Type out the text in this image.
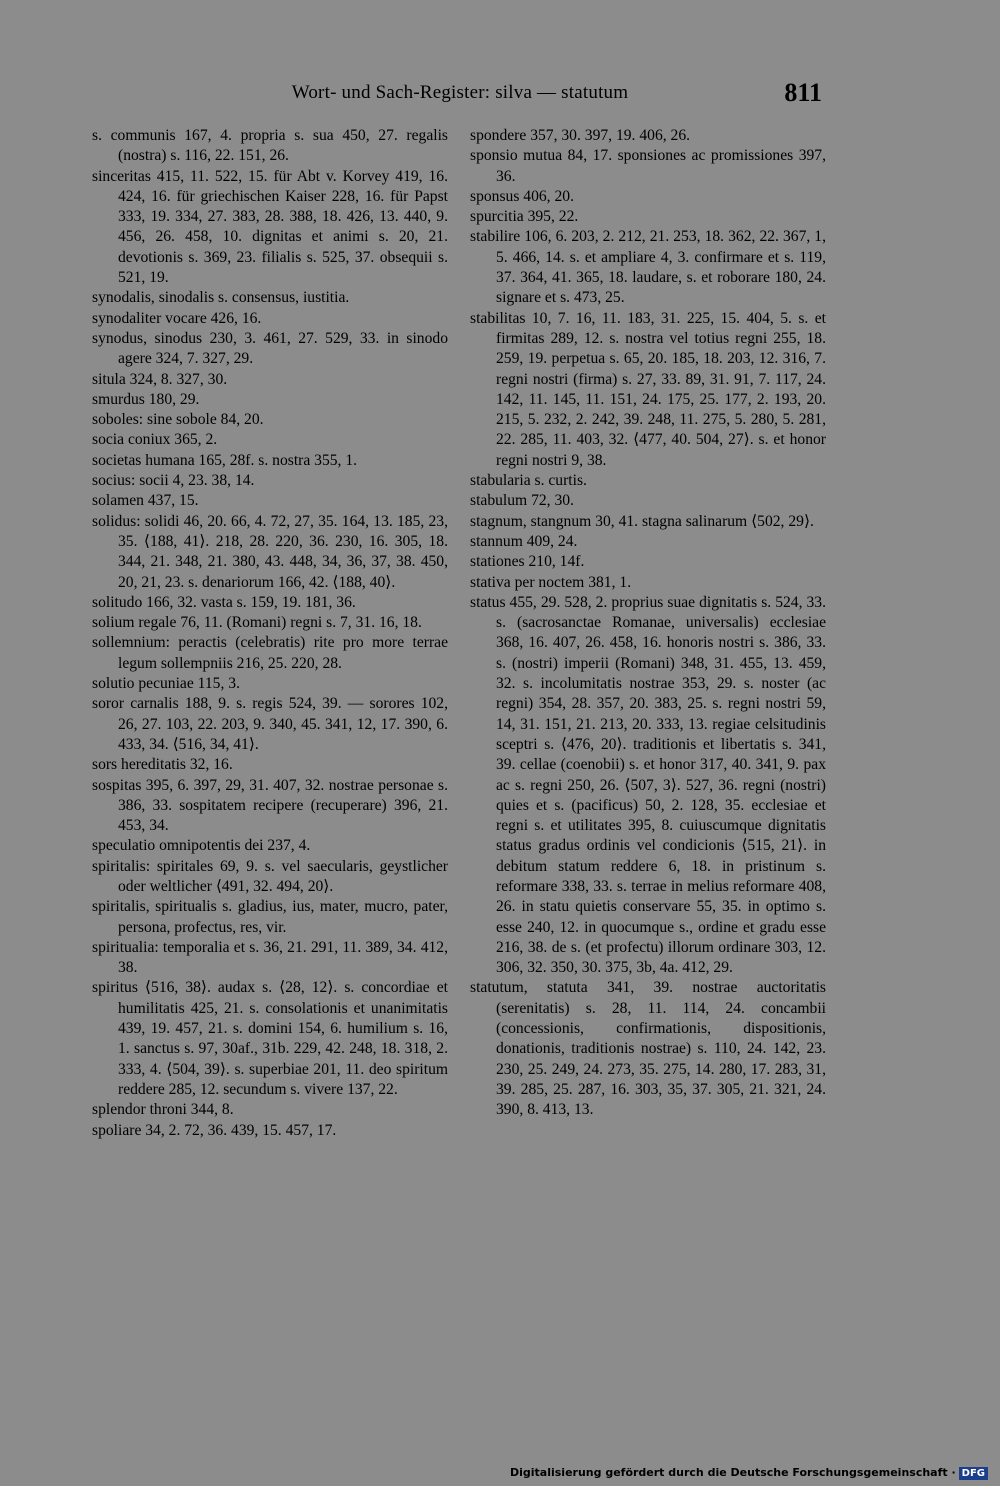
Wort- und Sach-Register: silva — statutum	811

s. communis 167, 4. propria s. sua 450, 27. regalis (nostra) s. 116, 22. 151, 26.

sinceritas 415, 11. 522, 15. für Abt v. Korvey 419, 16. 424, 16. für griechischen Kaiser 228, 16. für Papst 333, 19. 334, 27. 383, 28. 388, 18. 426, 13. 440, 9. 456, 26. 458, 10. dignitas et animi s. 20, 21. devotionis s. 369, 23. filialis s. 525, 37. obsequii s. 521, 19.

synodalis, sinodalis s. consensus, iustitia.

synodaliter vocare 426, 16.

synodus, sinodus 230, 3. 461, 27. 529, 33. in sinodo agere 324, 7. 327, 29.

situla 324, 8. 327, 30.

smurdus 180, 29.

soboles: sine sobole 84, 20.

socia coniux 365, 2.

societas humana 165, 28f. s. nostra 355, 1.

socius: socii 4, 23. 38, 14.

solamen 437, 15.

solidus: solidi 46, 20. 66, 4. 72, 27, 35. 164, 13. 185, 23, 35. ⟨188, 41⟩. 218, 28. 220, 36. 230, 16. 305, 18. 344, 21. 348, 21. 380, 43. 448, 34, 36, 37, 38. 450, 20, 21, 23. s. denariorum 166, 42. ⟨188, 40⟩.

solitudo 166, 32. vasta s. 159, 19. 181, 36.

solium regale 76, 11. (Romani) regni s. 7, 31. 16, 18.

sollemnium: peractis (celebratis) rite pro more terrae legum sollempniis 216, 25. 220, 28.

solutio pecuniae 115, 3.

soror carnalis 188, 9. s. regis 524, 39. — sorores 102, 26, 27. 103, 22. 203, 9. 340, 45. 341, 12, 17. 390, 6. 433, 34. ⟨516, 34, 41⟩.

sors hereditatis 32, 16.

sospitas 395, 6. 397, 29, 31. 407, 32. nostrae personae s. 386, 33. sospitatem recipere (recuperare) 396, 21. 453, 34.

speculatio omnipotentis dei 237, 4.

spiritalis: spiritales 69, 9. s. vel saecularis, geystlicher oder weltlicher ⟨491, 32. 494, 20⟩.

spiritalis, spiritualis s. gladius, ius, mater, mucro, pater, persona, profectus, res, vir.

spiritualia: temporalia et s. 36, 21. 291, 11. 389, 34. 412, 38.

spiritus ⟨516, 38⟩. audax s. ⟨28, 12⟩. s. concordiae et humilitatis 425, 21. s. consolationis et unanimitatis 439, 19. 457, 21. s. domini 154, 6. humilium s. 16, 1. sanctus s. 97, 30af., 31b. 229, 42. 248, 18. 318, 2. 333, 4. ⟨504, 39⟩. s. superbiae 201, 11. deo spiritum reddere 285, 12. secundum s. vivere 137, 22.

splendor throni 344, 8.

spoliare 34, 2. 72, 36. 439, 15. 457, 17.

spondere 357, 30. 397, 19. 406, 26.

sponsio mutua 84, 17. sponsiones ac promissiones 397, 36.

sponsus 406, 20.

spurcitia 395, 22.

stabilire 106, 6. 203, 2. 212, 21. 253, 18. 362, 22. 367, 1, 5. 466, 14. s. et ampliare 4, 3. confirmare et s. 119, 37. 364, 41. 365, 18. laudare, s. et roborare 180, 24. signare et s. 473, 25.

stabilitas 10, 7. 16, 11. 183, 31. 225, 15. 404, 5. s. et firmitas 289, 12. s. nostra vel totius regni 255, 18. 259, 19. perpetua s. 65, 20. 185, 18. 203, 12. 316, 7. regni nostri (firma) s. 27, 33. 89, 31. 91, 7. 117, 24. 142, 11. 145, 11. 151, 24. 175, 25. 177, 2. 193, 20. 215, 5. 232, 2. 242, 39. 248, 11. 275, 5. 280, 5. 281, 22. 285, 11. 403, 32. ⟨477, 40. 504, 27⟩. s. et honor regni nostri 9, 38.

stabularia s. curtis.

stabulum 72, 30.

stagnum, stangnum 30, 41. stagna salinarum ⟨502, 29⟩.

stannum 409, 24.

stationes 210, 14f.

stativa per noctem 381, 1.

status 455, 29. 528, 2. proprius suae dignitatis s. 524, 33. s. (sacrosanctae Romanae, universalis) ecclesiae 368, 16. 407, 26. 458, 16. honoris nostri s. 386, 33. s. (nostri) imperii (Romani) 348, 31. 455, 13. 459, 32. s. incolumitatis nostrae 353, 29. s. noster (ac regni) 354, 28. 357, 20. 383, 25. s. regni nostri 59, 14, 31. 151, 21. 213, 20. 333, 13. regiae celsitudinis sceptri s. ⟨476, 20⟩. traditionis et libertatis s. 341, 39. cellae (coenobii) s. et honor 317, 40. 341, 9. pax ac s. regni 250, 26. ⟨507, 3⟩. 527, 36. regni (nostri) quies et s. (pacificus) 50, 2. 128, 35. ecclesiae et regni s. et utilitates 395, 8. cuiuscumque dignitatis status gradus ordinis vel condicionis ⟨515, 21⟩. in debitum statum reddere 6, 18. in pristinum s. reformare 338, 33. s. terrae in melius reformare 408, 26. in statu quietis conservare 55, 35. in optimo s. esse 240, 12. in quocumque s., ordine et gradu esse 216, 38. de s. (et profectu) illorum ordinare 303, 12. 306, 32. 350, 30. 375, 3b, 4a. 412, 29.

statutum, statuta 341, 39. nostrae auctoritatis (serenitatis) s. 28, 11. 114, 24. concambii (concessionis, confirmationis, dispositionis, donationis, traditionis nostrae) s. 110, 24. 142, 23. 230, 25. 249, 24. 273, 35. 275, 14. 280, 17. 283, 31, 39. 285, 25. 287, 16. 303, 35, 37. 305, 21. 321, 24. 390, 8. 413, 13.

Digitalisierung gefördert durch die Deutsche Forschungsgemeinschaft · DFG
